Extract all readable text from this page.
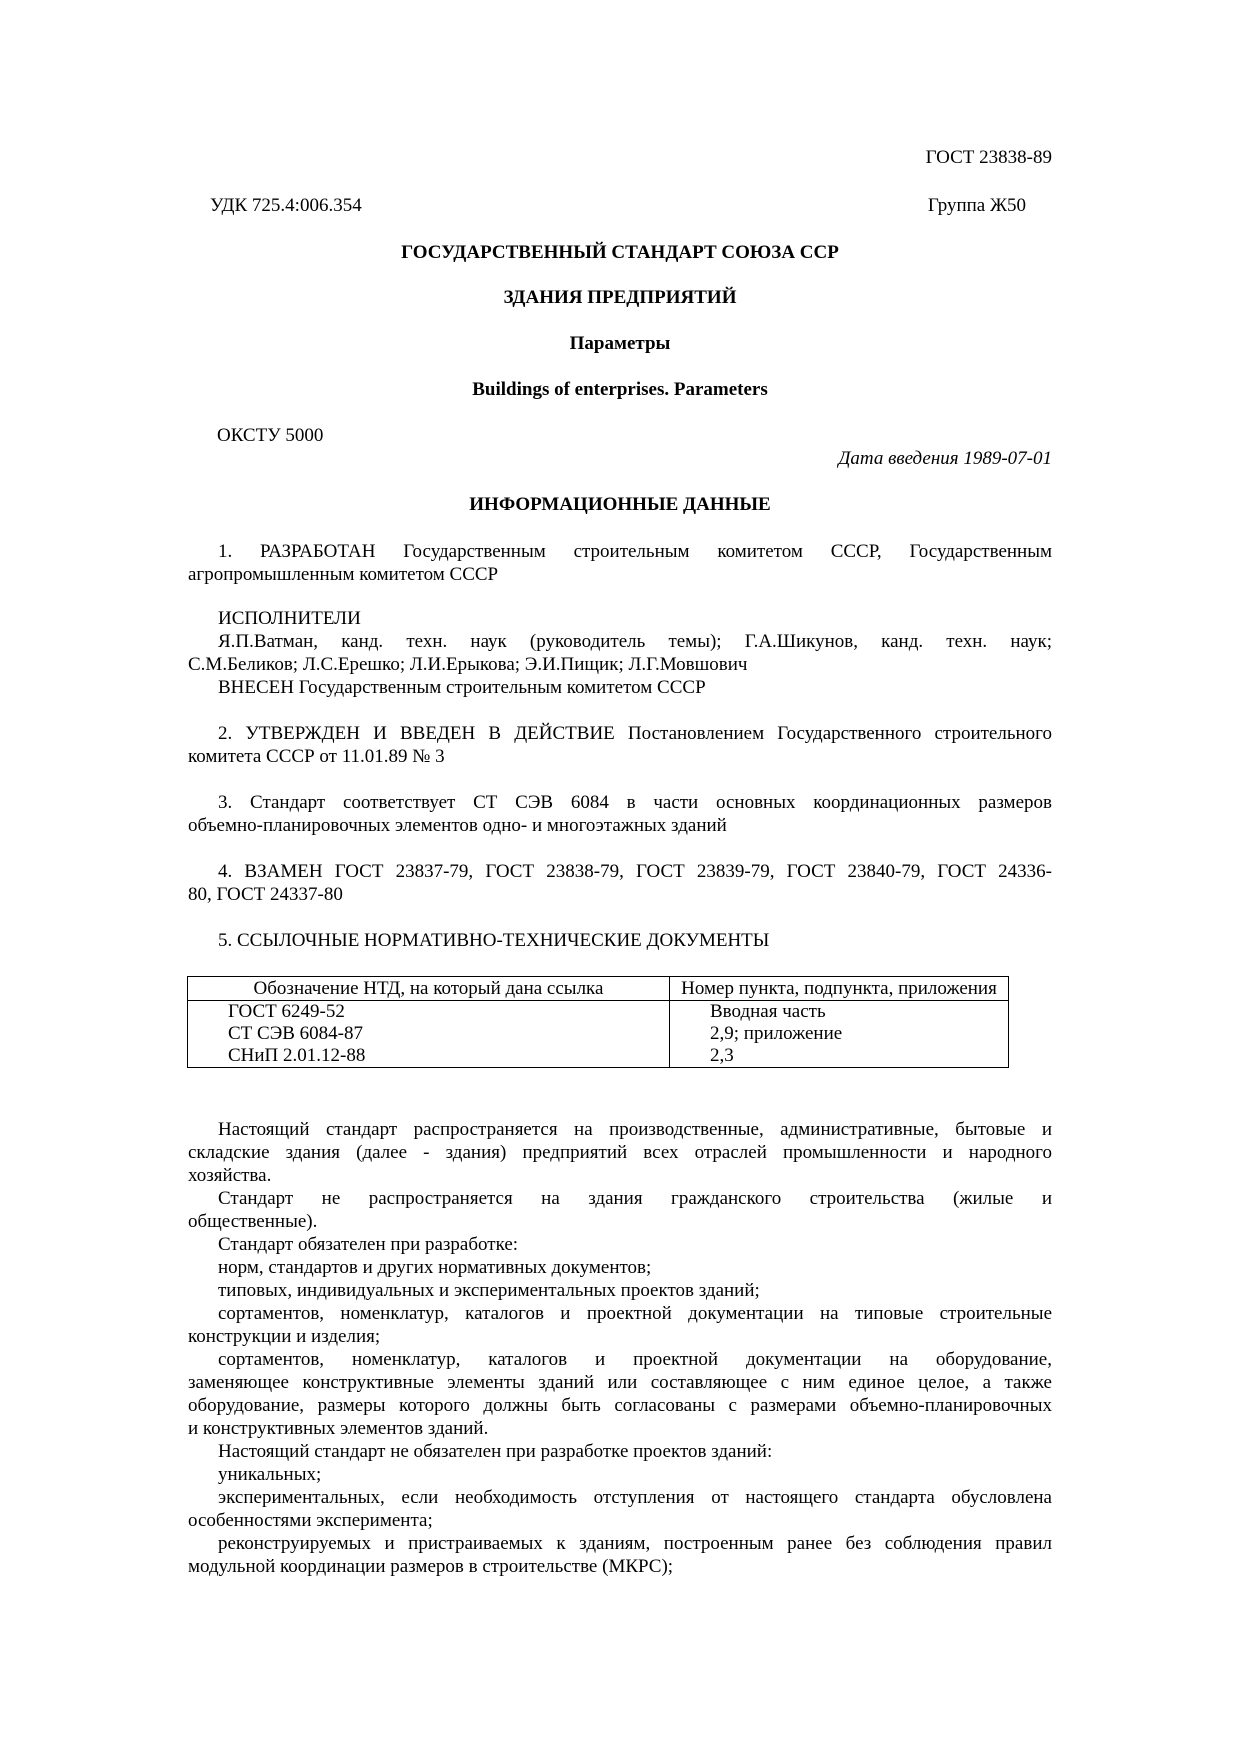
ГОСТ 23838-89
УДК 725.4:006.354	Группа Ж50
ГОСУДАРСТВЕННЫЙ СТАНДАРТ СОЮЗА ССР
ЗДАНИЯ ПРЕДПРИЯТИЙ
Параметры
Buildings of enterprises. Parameters
ОКСТУ 5000
Дата введения 1989-07-01
ИНФОРМАЦИОННЫЕ ДАННЫЕ
1. РАЗРАБОТАН Государственным строительным комитетом СССР, Государственным
агропромышленным комитетом СССР
ИСПОЛНИТЕЛИ
Я.П.Ватман, канд. техн. наук (руководитель темы); Г.А.Шикунов, канд. техн. наук;
С.М.Беликов; Л.С.Ерешко; Л.И.Ерыкова; Э.И.Пищик; Л.Г.Мовшович
ВНЕСЕН Государственным строительным комитетом СССР
2. УТВЕРЖДЕН И ВВЕДЕН В ДЕЙСТВИЕ Постановлением Государственного строительного
комитета СССР от 11.01.89 № 3
3. Стандарт соответствует СТ СЭВ 6084 в части основных координационных размеров
объемно-планировочных элементов одно- и многоэтажных зданий
4. ВЗАМЕН ГОСТ 23837-79, ГОСТ 23838-79, ГОСТ 23839-79, ГОСТ 23840-79, ГОСТ 24336-
80, ГОСТ 24337-80
5. ССЫЛОЧНЫЕ НОРМАТИВНО-ТЕХНИЧЕСКИЕ ДОКУМЕНТЫ
Обозначение НТД, на который дана ссылка	Номер пункта, подпункта, приложения
ГОСТ 6249-52	Вводная часть
СТ СЭВ 6084-87	2,9; приложение
СНиП 2.01.12-88	2,3
Настоящий стандарт распространяется на производственные, административные, бытовые и
складские здания (далее - здания) предприятий всех отраслей промышленности и народного
хозяйства.
Стандарт не распространяется на здания гражданского строительства (жилые и
общественные).
Стандарт обязателен при разработке:
норм, стандартов и других нормативных документов;
типовых, индивидуальных и экспериментальных проектов зданий;
сортаментов, номенклатур, каталогов и проектной документации на типовые строительные
конструкции и изделия;
сортаментов, номенклатур, каталогов и проектной документации на оборудование,
заменяющее конструктивные элементы зданий или составляющее с ним единое целое, а также
оборудование, размеры которого должны быть согласованы с размерами объемно-планировочных
и конструктивных элементов зданий.
Настоящий стандарт не обязателен при разработке проектов зданий:
уникальных;
экспериментальных, если необходимость отступления от настоящего стандарта обусловлена
особенностями эксперимента;
реконструируемых и пристраиваемых к зданиям, построенным ранее без соблюдения правил
модульной координации размеров в строительстве (МКРС);
